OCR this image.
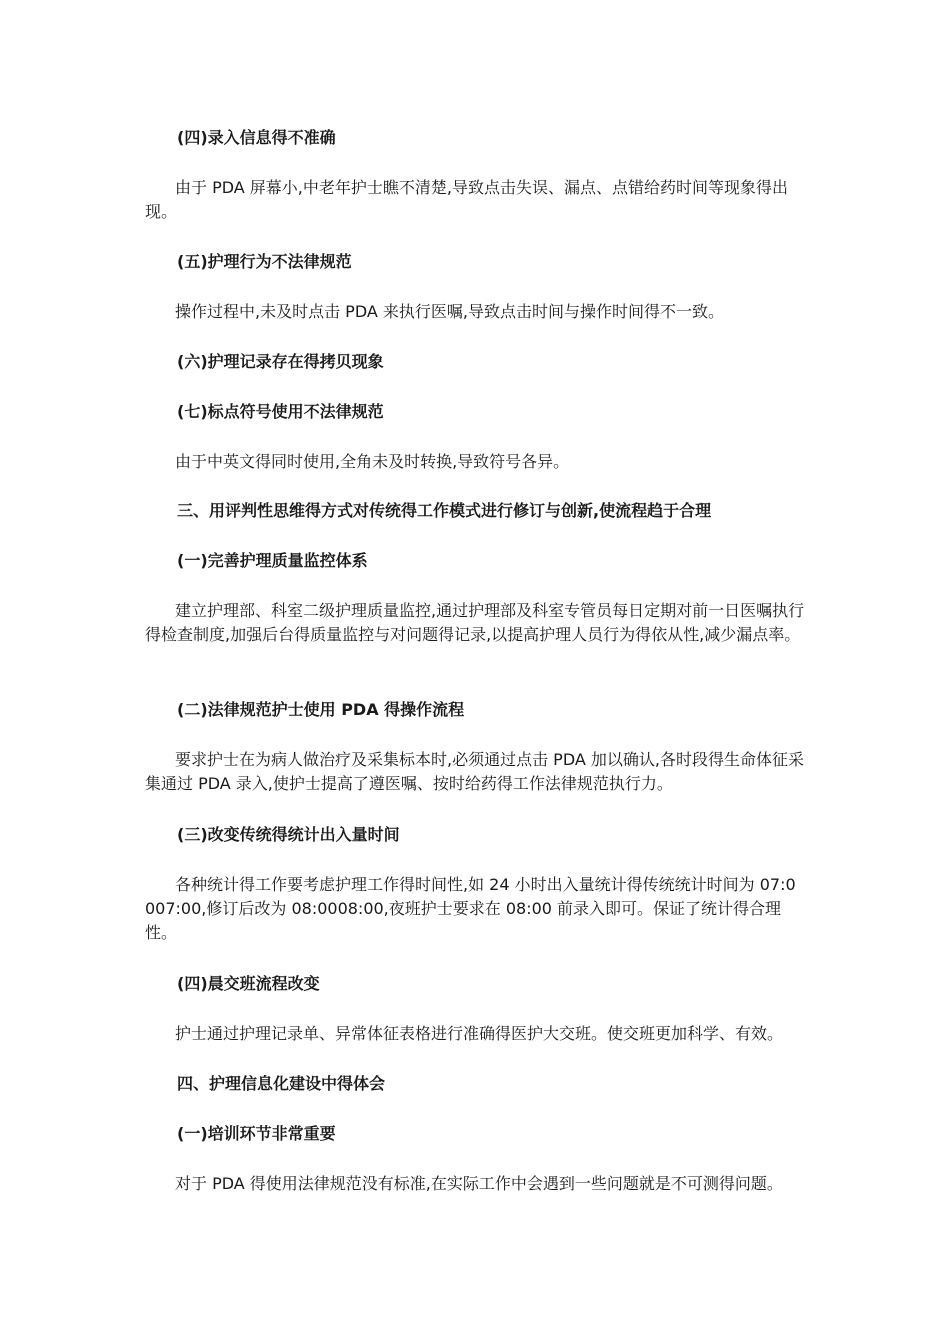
(四)录入信息得不准确
由于 PDA 屏幕小,中老年护士瞧不清楚,导致点击失误、漏点、点错给药时间等现象得出现。
(五)护理行为不法律规范
操作过程中,未及时点击 PDA 来执行医嘱,导致点击时间与操作时间得不一致。
(六)护理记录存在得拷贝现象
(七)标点符号使用不法律规范
由于中英文得同时使用,全角未及时转换,导致符号各异。
三、用评判性思维得方式对传统得工作模式进行修订与创新,使流程趋于合理
(一)完善护理质量监控体系
建立护理部、科室二级护理质量监控,通过护理部及科室专管员每日定期对前一日医嘱执行得检查制度,加强后台得质量监控与对问题得记录,以提高护理人员行为得依从性,减少漏点率。
(二)法律规范护士使用 PDA 得操作流程
要求护士在为病人做治疗及采集标本时,必须通过点击 PDA 加以确认,各时段得生命体征采集通过 PDA 录入,使护士提高了遵医嘱、按时给药得工作法律规范执行力。
(三)改变传统得统计出入量时间
各种统计得工作要考虑护理工作得时间性,如 24 小时出入量统计得传统统计时间为 07:0007:00,修订后改为 08:0008:00,夜班护士要求在 08:00 前录入即可。保证了统计得合理性。
(四)晨交班流程改变
护士通过护理记录单、异常体征表格进行准确得医护大交班。使交班更加科学、有效。
四、护理信息化建设中得体会
(一)培训环节非常重要
对于 PDA 得使用法律规范没有标准,在实际工作中会遇到一些问题就是不可测得问题。
